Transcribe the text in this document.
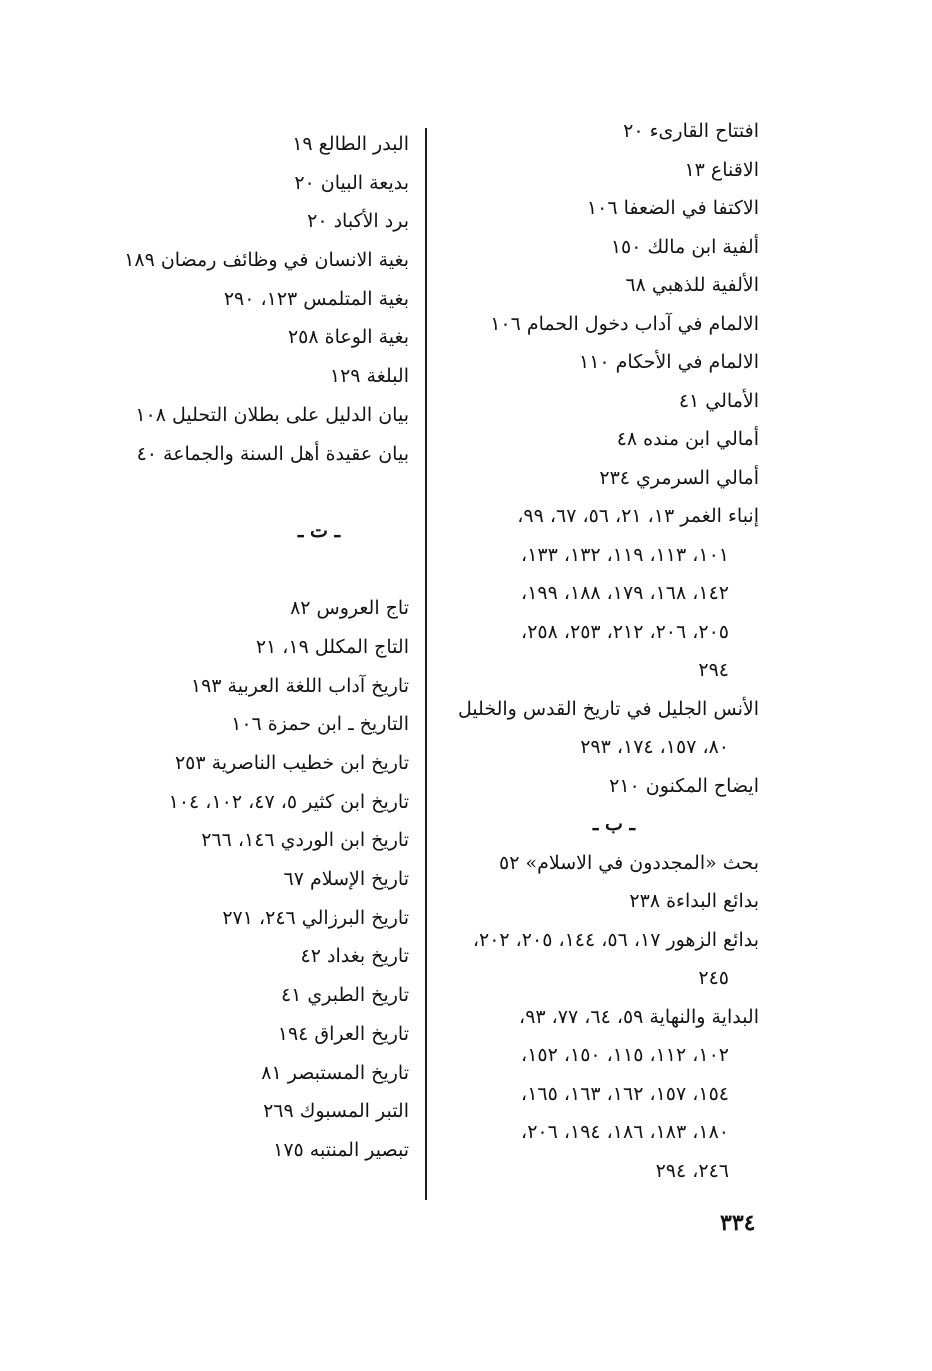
افتتاح القارىء ٢٠
الاقناع ١٣
الاكتفا في الضعفا ١٠٦
ألفية ابن مالك ١٥٠
الألفية للذهبي ٦٨
الالمام في آداب دخول الحمام ١٠٦
الالمام في الأحكام ١١٠
الأمالي ٤١
أمالي ابن منده ٤٨
أمالي السرمري ٢٣٤
إنباء الغمر ١٣، ٢١، ٥٦، ٦٧، ٩٩،
١٠١، ١١٣، ١١٩، ١٣٢، ١٣٣،
١٤٢، ١٦٨، ١٧٩، ١٨٨، ١٩٩،
٢٠٥، ٢٠٦، ٢١٢، ٢٥٣، ٢٥٨،
٢٩٤
الأنس الجليل في تاريخ القدس والخليل
٨٠، ١٥٧، ١٧٤، ٢٩٣
ايضاح المكنون ٢١٠
ـ ب ـ
بحث «المجددون في الاسلام» ٥٢
بدائع البداءة ٢٣٨
بدائع الزهور ١٧، ٥٦، ١٤٤، ٢٠٥، ٢٠٢،
٢٤٥
البداية والنهاية ٥٩، ٦٤، ٧٧، ٩٣،
١٠٢، ١١٢، ١١٥، ١٥٠، ١٥٢،
١٥٤، ١٥٧، ١٦٢، ١٦٣، ١٦٥،
١٨٠، ١٨٣، ١٨٦، ١٩٤، ٢٠٦،
٢٤٦، ٢٩٤
البدر الطالع ١٩
بديعة البيان ٢٠
برد الأكباد ٢٠
بغية الانسان في وظائف رمضان ١٨٩
بغية المتلمس ١٢٣، ٢٩٠
بغية الوعاة ٢٥٨
البلغة ١٢٩
بيان الدليل على بطلان التحليل ١٠٨
بيان عقيدة أهل السنة والجماعة ٤٠
ـ ت ـ
تاج العروس ٨٢
التاج المكلل ١٩، ٢١
تاريخ آداب اللغة العربية ١٩٣
التاريخ ـ ابن حمزة ١٠٦
تاريخ ابن خطيب الناصرية ٢٥٣
تاريخ ابن كثير ٥، ٤٧، ١٠٢، ١٠٤
تاريخ ابن الوردي ١٤٦، ٢٦٦
تاريخ الإسلام ٦٧
تاريخ البرزالي ٢٤٦، ٢٧١
تاريخ بغداد ٤٢
تاريخ الطبري ٤١
تاريخ العراق ١٩٤
تاريخ المستبصر ٨١
التبر المسبوك ٢٦٩
تبصير المنتبه ١٧٥
٣٣٤
